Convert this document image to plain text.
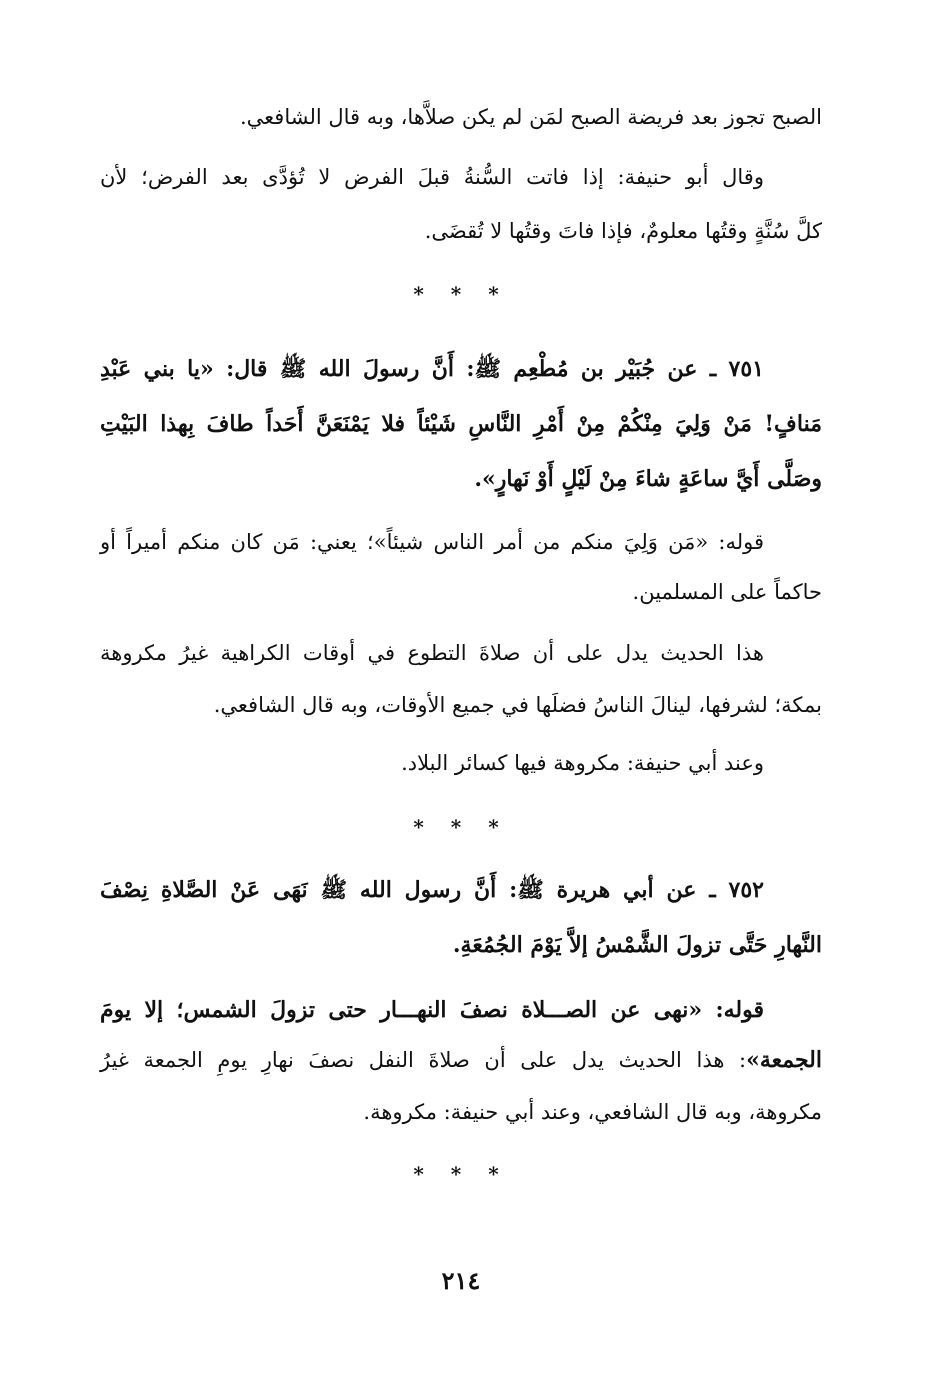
الصبح تجوز بعد فريضة الصبح لمَن لم يكن صلاَّها، وبه قال الشافعي.
وقال أبو حنيفة: إذا فاتت السُّنةُ قبلَ الفرض لا تُؤدَّى بعد الفرض؛ لأن
كلَّ سُنَّةٍ وقتُها معلومٌ، فإذا فاتَ وقتُها لا تُقضَى.
* * *
٧٥١ ـ عن جُبَيْر بن مُطْعِم ﷺ: أَنَّ رسولَ الله ﷺ قال: «يا بني عَبْدِ
مَنافٍ! مَنْ وَلِيَ مِنْكُمْ مِنْ أَمْرِ النَّاسِ شَيْئاً فلا يَمْنَعَنَّ أَحَداً طافَ بِهذا البَيْتِ
وصَلَّى أَيَّ ساعَةٍ شاءَ مِنْ لَيْلٍ أَوْ نَهارٍ».
قوله: «مَن وَلِيَ منكم من أمر الناس شيئاً»؛ يعني: مَن كان منكم أميراً أو
حاكماً على المسلمين.
هذا الحديث يدل على أن صلاةَ التطوع في أوقات الكراهية غيرُ مكروهة
بمكة؛ لشرفها، لينالَ الناسُ فضلَها في جميع الأوقات، وبه قال الشافعي.
وعند أبي حنيفة: مكروهة فيها كسائر البلاد.
* * *
٧٥٢ ـ عن أبي هريرة ﷺ: أَنَّ رسول الله ﷺ نَهَى عَنْ الصَّلاةِ نِصْفَ
النَّهارِ حَتَّى تزولَ الشَّمْسُ إلاَّ يَوْمَ الجُمُعَةِ.
قوله: «نهى عن الصـــلاة نصفَ النهـــار حتى تزولَ الشمس؛ إلا يومَ
الجمعة»: هذا الحديث يدل على أن صلاةَ النفل نصفَ نهارِ يومِ الجمعة غيرُ
مكروهة، وبه قال الشافعي، وعند أبي حنيفة: مكروهة.
* * *
٢١٤
